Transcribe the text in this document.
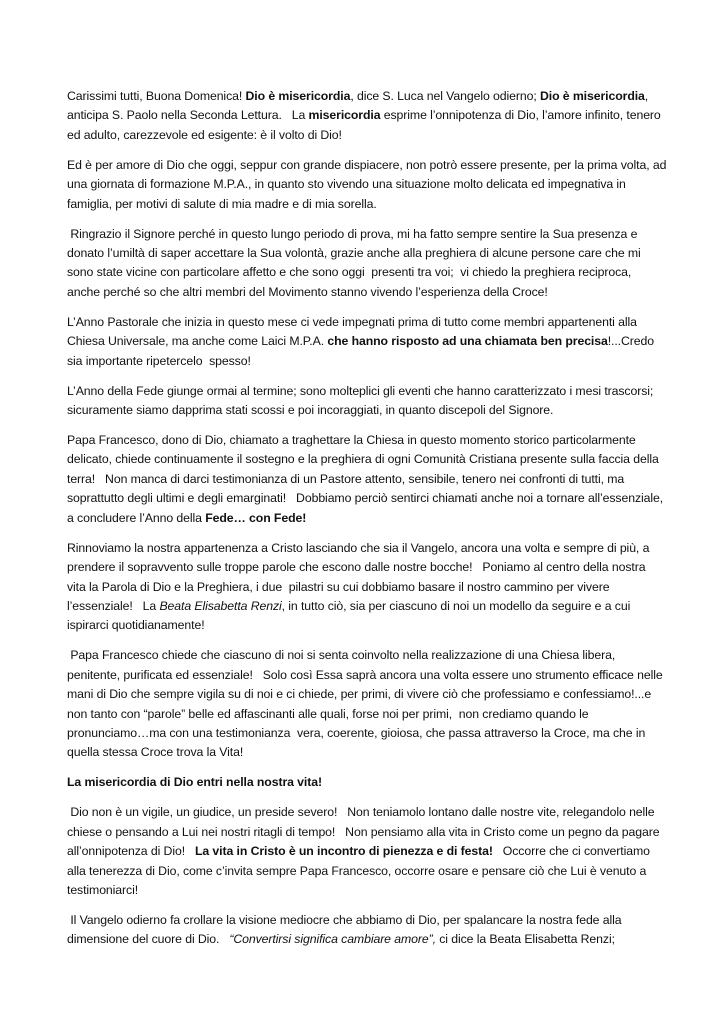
Carissimi tutti, Buona Domenica! Dio è misericordia, dice S. Luca nel Vangelo odierno; Dio è misericordia, anticipa S. Paolo nella Seconda Lettura.   La misericordia esprime l’onnipotenza di Dio, l’amore infinito, tenero ed adulto, carezzevole ed esigente: è il volto di Dio!

Ed è per amore di Dio che oggi, seppur con grande dispiacere, non potrò essere presente, per la prima volta, ad una giornata di formazione M.P.A., in quanto sto vivendo una situazione molto delicata ed impegnativa in famiglia, per motivi di salute di mia madre e di mia sorella.

Ringrazio il Signore perché in questo lungo periodo di prova, mi ha fatto sempre sentire la Sua presenza e donato l’umiltà di saper accettare la Sua volontà, grazie anche alla preghiera di alcune persone care che mi sono state vicine con particolare affetto e che sono oggi  presenti tra voi;  vi chiedo la preghiera reciproca, anche perché so che altri membri del Movimento stanno vivendo l’esperienza della Croce!

L’Anno Pastorale che inizia in questo mese ci vede impegnati prima di tutto come membri appartenenti alla Chiesa Universale, ma anche come Laici M.P.A. che hanno risposto ad una chiamata ben precisa!...Credo sia importante ripetercelo  spesso!

L’Anno della Fede giunge ormai al termine; sono molteplici gli eventi che hanno caratterizzato i mesi trascorsi; sicuramente siamo dapprima stati scossi e poi incoraggiati, in quanto discepoli del Signore.

Papa Francesco, dono di Dio, chiamato a traghettare la Chiesa in questo momento storico particolarmente delicato, chiede continuamente il sostegno e la preghiera di ogni Comunità Cristiana presente sulla faccia della terra!   Non manca di darci testimonianza di un Pastore attento, sensibile, tenero nei confronti di tutti, ma soprattutto degli ultimi e degli emarginati!   Dobbiamo perciò sentirci chiamati anche noi a tornare all’essenziale, a concludere l’Anno della Fede… con Fede!

Rinnoviamo la nostra appartenenza a Cristo lasciando che sia il Vangelo, ancora una volta e sempre di più, a prendere il sopravvento sulle troppe parole che escono dalle nostre bocche!   Poniamo al centro della nostra vita la Parola di Dio e la Preghiera, i due  pilastri su cui dobbiamo basare il nostro cammino per vivere l’essenziale!   La Beata Elisabetta Renzi, in tutto ciò, sia per ciascuno di noi un modello da seguire e a cui ispirarci quotidianamente!

Papa Francesco chiede che ciascuno di noi si senta coinvolto nella realizzazione di una Chiesa libera, penitente, purificata ed essenziale!   Solo così Essa saprà ancora una volta essere uno strumento efficace nelle mani di Dio che sempre vigila su di noi e ci chiede, per primi, di vivere ciò che professiamo e confessiamo!...e non tanto con “parole” belle ed affascinanti alle quali, forse noi per primi,  non crediamo quando le pronunciamo…ma con una testimonianza  vera, coerente, gioiosa, che passa attraverso la Croce, ma che in quella stessa Croce trova la Vita!

La misericordia di Dio entri nella nostra vita!

Dio non è un vigile, un giudice, un preside severo!   Non teniamolo lontano dalle nostre vite, relegandolo nelle chiese o pensando a Lui nei nostri ritagli di tempo!   Non pensiamo alla vita in Cristo come un pegno da pagare all’onnipotenza di Dio!   La vita in Cristo è un incontro di pienezza e di festa!   Occorre che ci convertiamo alla tenerezza di Dio, come c’invita sempre Papa Francesco, occorre osare e pensare ciò che Lui è venuto a testimoniarci!

Il Vangelo odierno fa crollare la visione mediocre che abbiamo di Dio, per spalancare la nostra fede alla dimensione del cuore di Dio.   “Convertirsi significa cambiare amore”, ci dice la Beata Elisabetta Renzi;
